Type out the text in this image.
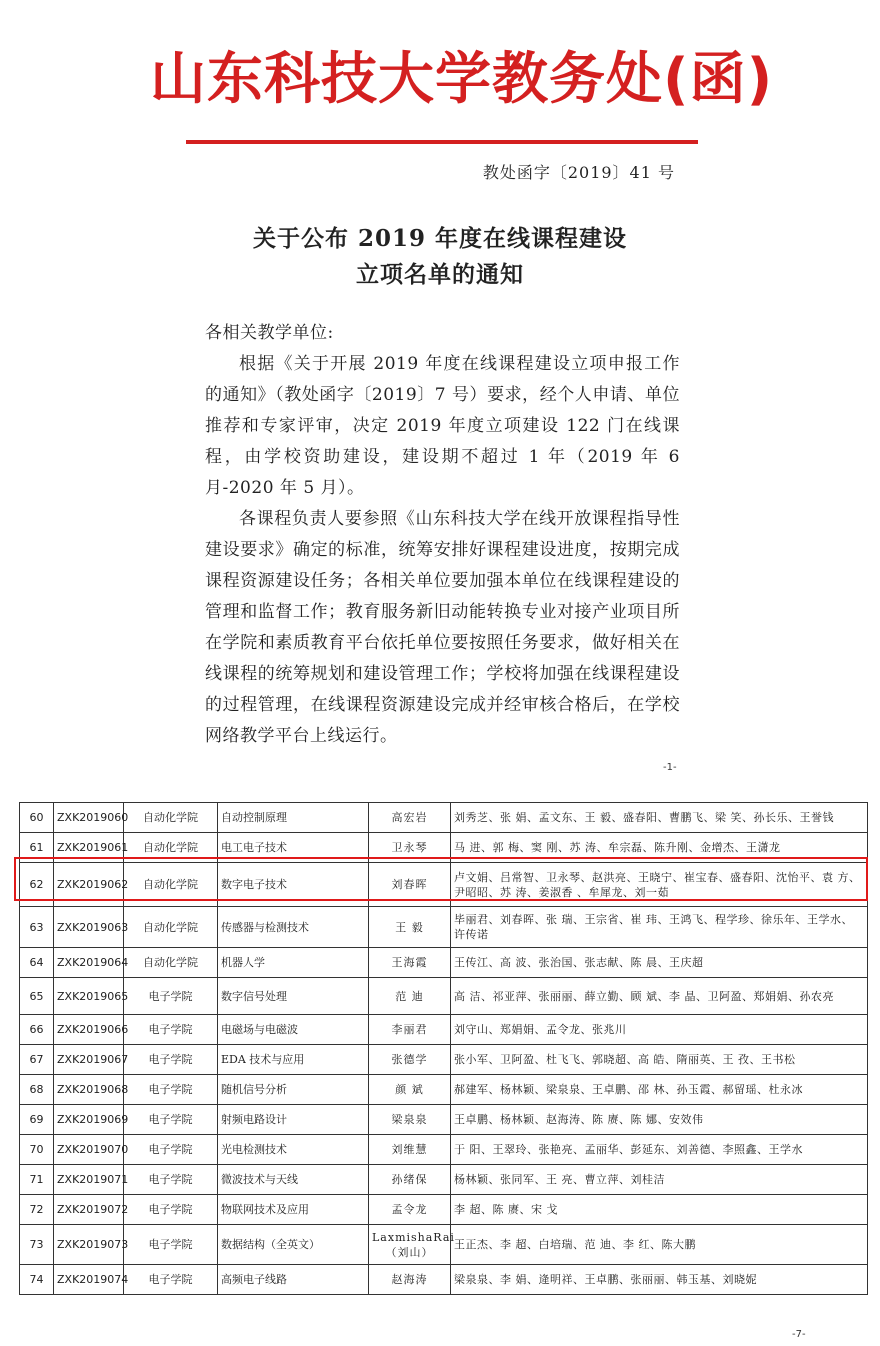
山东科技大学教务处(函)
教处函字〔2019〕41 号
关于公布 2019 年度在线课程建设
立项名单的通知

各相关教学单位:

根据《关于开展 2019 年度在线课程建设立项申报工作的通知》（教处函字〔2019〕7 号）要求，经个人申请、单位推荐和专家评审，决定 2019 年度立项建设 122 门在线课程，由学校资助建设，建设期不超过 1 年（2019 年 6 月-2020 年 5 月）。

各课程负责人要参照《山东科技大学在线开放课程指导性建设要求》确定的标准，统筹安排好课程建设进度，按期完成课程资源建设任务；各相关单位要加强本单位在线课程建设的管理和监督工作；教育服务新旧动能转换专业对接产业项目所在学院和素质教育平台依托单位要按照任务要求，做好相关在线课程的统筹规划和建设管理工作；学校将加强在线课程建设的过程管理，在线课程资源建设完成并经审核合格后，在学校网络教学平台上线运行。

-1-
60	ZXK2019060	自动化学院	自动控制原理	高宏岩	刘秀芝、张 娟、孟文东、王 毅、盛春阳、曹鹏飞、梁 笑、孙长乐、王誉钱
61	ZXK2019061	自动化学院	电工电子技术	卫永琴	马 进、郭 梅、窦 刚、苏 涛、牟宗磊、陈升刚、金增杰、王潇龙
62	ZXK2019062	自动化学院	数字电子技术	刘春晖	卢文娟、吕常智、卫永琴、赵洪亮、王晓宁、崔宝春、盛春阳、沈怡平、袁 方、尹昭昭、苏 涛、姜淑香 、牟犀龙、刘一茹
63	ZXK2019063	自动化学院	传感器与检测技术	王 毅	毕丽君、刘春晖、张 瑞、王宗省、崔 玮、王鸿飞、程学珍、徐乐年、王学水、许传诺
64	ZXK2019064	自动化学院	机器人学	王海霞	王传江、高 波、张治国、张志献、陈 晨、王庆超
65	ZXK2019065	电子学院	数字信号处理	范 迪	高 洁、祁亚萍、张丽丽、薛立勤、顾 斌、李 晶、卫阿盈、郑娟娟、孙农亮
66	ZXK2019066	电子学院	电磁场与电磁波	李丽君	刘守山、郑娟娟、孟令龙、张兆川
67	ZXK2019067	电子学院	EDA 技术与应用	张德学	张小军、卫阿盈、杜飞飞、郭晓超、高 皓、隋丽英、王 孜、王书松
68	ZXK2019068	电子学院	随机信号分析	颜 斌	郝建军、杨林颖、梁泉泉、王卓鹏、邵 林、孙玉霞、郝留瑶、杜永冰
69	ZXK2019069	电子学院	射频电路设计	梁泉泉	王卓鹏、杨林颖、赵海涛、陈 赓、陈 娜、安效伟
70	ZXK2019070	电子学院	光电检测技术	刘维慧	于 阳、王翠玲、张艳亮、孟丽华、彭延东、刘善德、李照鑫、王学水
71	ZXK2019071	电子学院	微波技术与天线	孙绪保	杨林颖、张同军、王 亮、曹立萍、刘桂洁
72	ZXK2019072	电子学院	物联网技术及应用	孟令龙	李 超、陈 赓、宋 戈
73	ZXK2019073	电子学院	数据结构（全英文）	LaxmishaRai（刘山）	王正杰、李 超、白培瑞、范 迪、李 红、陈大鹏
74	ZXK2019074	电子学院	高频电子线路	赵海涛	梁泉泉、李 娟、逄明祥、王卓鹏、张丽丽、韩玉基、刘晓妮
-7-
